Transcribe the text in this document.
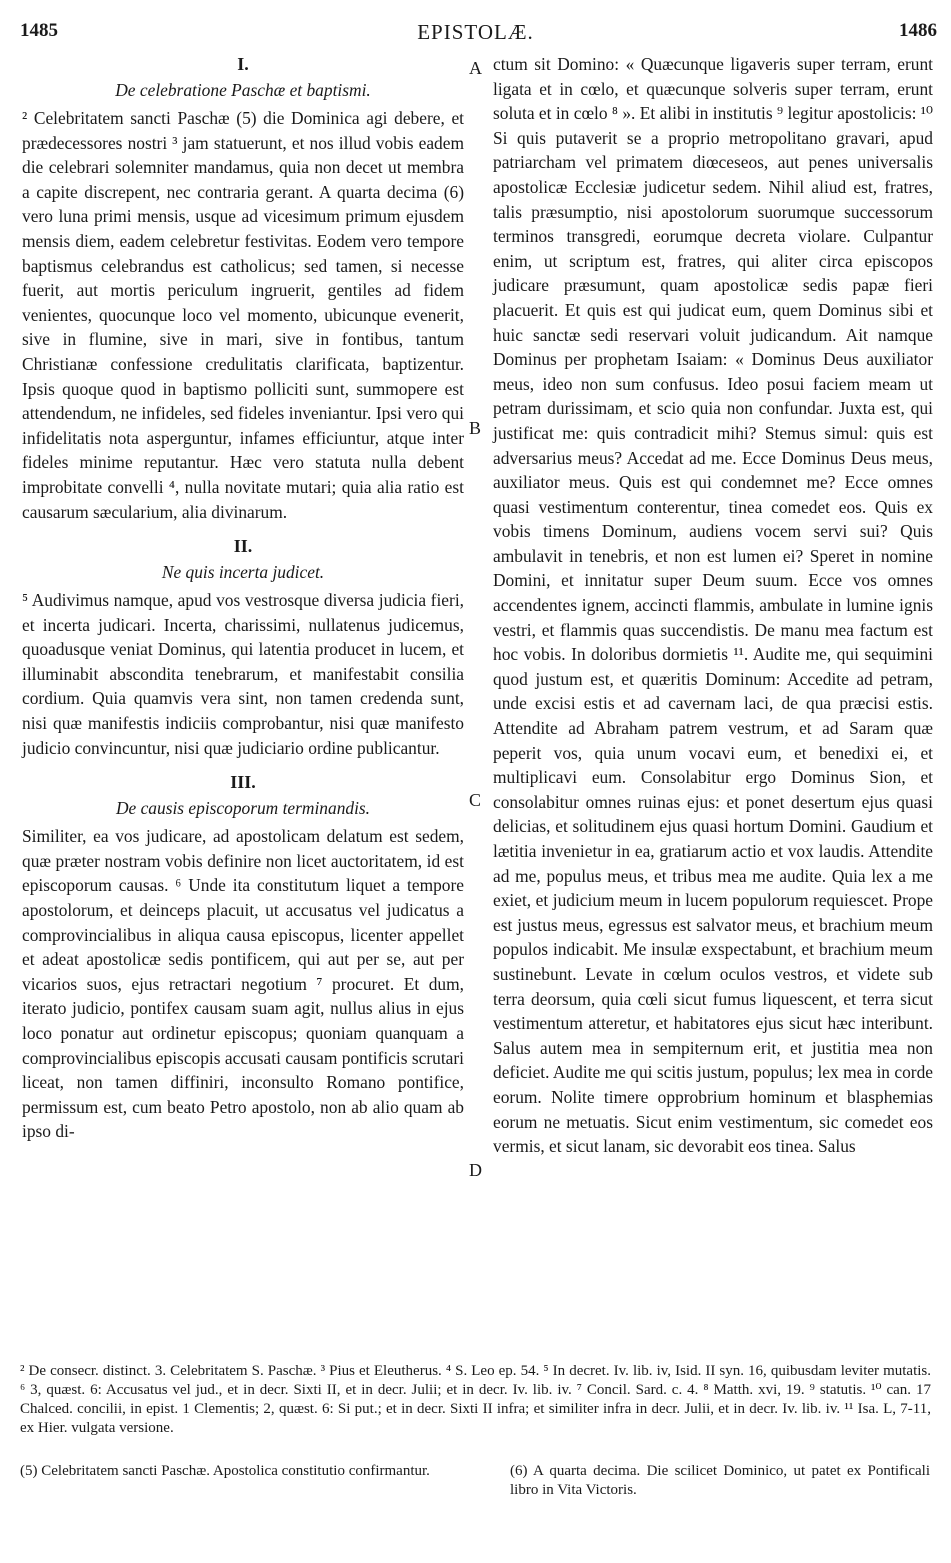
1485	EPISTOLÆ.	1486
I.
De celebratione Paschæ et baptismi.

² Celebritatem sancti Paschæ (5) die Dominica agi debere, et prædecessores nostri ³ jam statuerunt, et nos illud vobis eadem die celebrari solemniter mandamus, quia non decet ut membra a capite discrepent, nec contraria gerant. A quarta decima (6) vero luna primi mensis, usque ad vicesimum primum ejusdem mensis diem, eadem celebretur festivitas. Eodem vero tempore baptismus celebrandus est catholicus; sed tamen, si necesse fuerit, aut mortis periculum ingruerit, gentiles ad fidem venientes, quocunque loco vel momento, ubicunque evenerit, sive in flumine, sive in mari, sive in fontibus, tantum Christianæ confessione credulitatis clarificata, baptizentur. Ipsis quoque quod in baptismo polliciti sunt, summopere est attendendum, ne infideles, sed fideles inveniantur. Ipsi vero qui infidelitatis nota asperguntur, infames efficiuntur, atque inter fideles minime reputantur. Hæc vero statuta nulla debent improbitate convelli ⁴, nulla novitate mutari; quia alia ratio est causarum sæcularium, alia divinarum.

II.
Ne quis incerta judicet.

⁵ Audivimus namque, apud vos vestrosque diversa judicia fieri, et incerta judicari. Incerta, charissimi, nullatenus judicemus, quoadusque veniat Dominus, qui latentia producet in lucem, et illuminabit abscondita tenebrarum, et manifestabit consilia cordium. Quia quamvis vera sint, non tamen credenda sunt, nisi quæ manifestis indiciis comprobantur, nisi quæ manifesto judicio convincuntur, nisi quæ judiciario ordine publicantur.

III.
De causis episcoporum terminandis.

Similiter, ea vos judicare, ad apostolicam delatum est sedem, quæ præter nostram vobis definire non licet auctoritatem, id est episcoporum causas. ⁶ Unde ita constitutum liquet a tempore apostolorum, et deinceps placuit, ut accusatus vel judicatus a comprovincialibus in aliqua causa episcopus, licenter appellet et adeat apostolicæ sedis pontificem, qui aut per se, aut per vicarios suos, ejus retractari negotium ⁷ procuret. Et dum, iterato judicio, pontifex causam suam agit, nullus alius in ejus loco ponatur aut ordinetur episcopus; quoniam quanquam a comprovincialibus episcopis accusati causam pontificis scrutari liceat, non tamen diffiniri, inconsulto Romano pontifice, permissum est, cum beato Petro apostolo, non ab alio quam ab ipso di-

A
B
C
D

ctum sit Domino: « Quæcunque ligaveris super terram, erunt ligata et in cœlo, et quæcunque solveris super terram, erunt soluta et in cœlo ⁸ ». Et alibi in institutis ⁹ legitur apostolicis: ¹⁰ Si quis putaverit se a proprio metropolitano gravari, apud patriarcham vel primatem diœceseos, aut penes universalis apostolicæ Ecclesiæ judicetur sedem. Nihil aliud est, fratres, talis præsumptio, nisi apostolorum suorumque successorum terminos transgredi, eorumque decreta violare. Culpantur enim, ut scriptum est, fratres, qui aliter circa episcopos judicare præsumunt, quam apostolicæ sedis papæ fieri placuerit. Et quis est qui judicat eum, quem Dominus sibi et huic sanctæ sedi reservari voluit judicandum. Ait namque Dominus per prophetam Isaiam: « Dominus Deus auxiliator meus, ideo non sum confusus. Ideo posui faciem meam ut petram durissimam, et scio quia non confundar. Juxta est, qui justificat me: quis contradicit mihi? Stemus simul: quis est adversarius meus? Accedat ad me. Ecce Dominus Deus meus, auxiliator meus. Quis est qui condemnet me? Ecce omnes quasi vestimentum conterentur, tinea comedet eos. Quis ex vobis timens Dominum, audiens vocem servi sui? Quis ambulavit in tenebris, et non est lumen ei? Speret in nomine Domini, et innitatur super Deum suum. Ecce vos omnes accendentes ignem, accincti flammis, ambulate in lumine ignis vestri, et flammis quas succendistis. De manu mea factum est hoc vobis. In doloribus dormietis ¹¹. Audite me, qui sequimini quod justum est, et quæritis Dominum: Accedite ad petram, unde excisi estis et ad cavernam laci, de qua præcisi estis. Attendite ad Abraham patrem vestrum, et ad Saram quæ peperit vos, quia unum vocavi eum, et benedixi ei, et multiplicavi eum. Consolabitur ergo Dominus Sion, et consolabitur omnes ruinas ejus: et ponet desertum ejus quasi delicias, et solitudinem ejus quasi hortum Domini. Gaudium et lætitia invenietur in ea, gratiarum actio et vox laudis. Attendite ad me, populus meus, et tribus mea me audite. Quia lex a me exiet, et judicium meum in lucem populorum requiescet. Prope est justus meus, egressus est salvator meus, et brachium meum populos indicabit. Me insulæ exspectabunt, et brachium meum sustinebunt. Levate in cœlum oculos vestros, et videte sub terra deorsum, quia cœli sicut fumus liquescent, et terra sicut vestimentum atteretur, et habitatores ejus sicut hæc interibunt. Salus autem mea in sempiternum erit, et justitia mea non deficiet. Audite me qui scitis justum, populus; lex mea in corde eorum. Nolite timere opprobrium hominum et blasphemias eorum ne metuatis. Sicut enim vestimentum, sic comedet eos vermis, et sicut lanam, sic devorabit eos tinea. Salus

² De consecr. distinct. 3. Celebritatem S. Paschæ. ³ Pius et Eleutherus. ⁴ S. Leo ep. 54. ⁵ In decret. Iv. lib. iv, Isid. II syn. 16, quibusdam leviter mutatis. ⁶ 3, quæst. 6: Accusatus vel jud., et in decr. Sixti II, et in decr. Julii; et in decr. Iv. lib. iv. ⁷ Concil. Sard. c. 4. ⁸ Matth. xvi, 19. ⁹ statutis. ¹⁰ can. 17 Chalced. concilii, in epist. 1 Clementis; 2, quæst. 6: Si put.; et in decr. Sixti II infra; et similiter infra in decr. Julii, et in decr. Iv. lib. iv. ¹¹ Isa. L, 7-11, ex Hier. vulgata versione.
(5) Celebritatem sancti Paschæ. Apostolica constitutio confirmantur.	(6) A quarta decima. Die scilicet Dominico, ut patet ex Pontificali libro in Vita Victoris.
